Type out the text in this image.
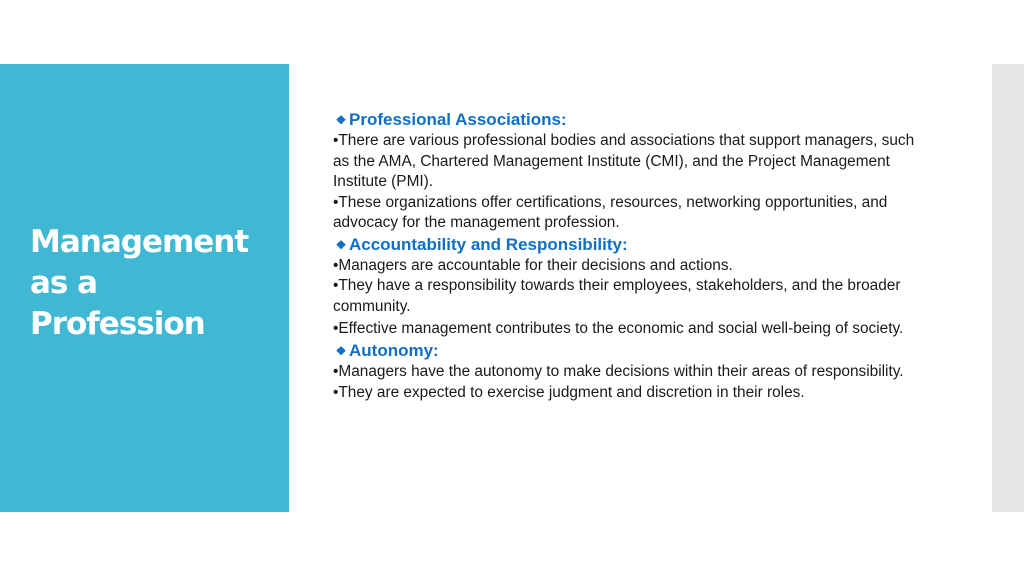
Management
as a
Profession
❖ Professional Associations:

•There are various professional bodies and associations that support managers, such as the AMA, Chartered Management Institute (CMI), and the Project Management Institute (PMI).

•These organizations offer certifications, resources, networking opportunities, and advocacy for the management profession.

❖ Accountability and Responsibility:

•Managers are accountable for their decisions and actions.

•They have a responsibility towards their employees, stakeholders, and the broader community.

•Effective management contributes to the economic and social well-being of society.

❖ Autonomy:

•Managers have the autonomy to make decisions within their areas of responsibility.

•They are expected to exercise judgment and discretion in their roles.
